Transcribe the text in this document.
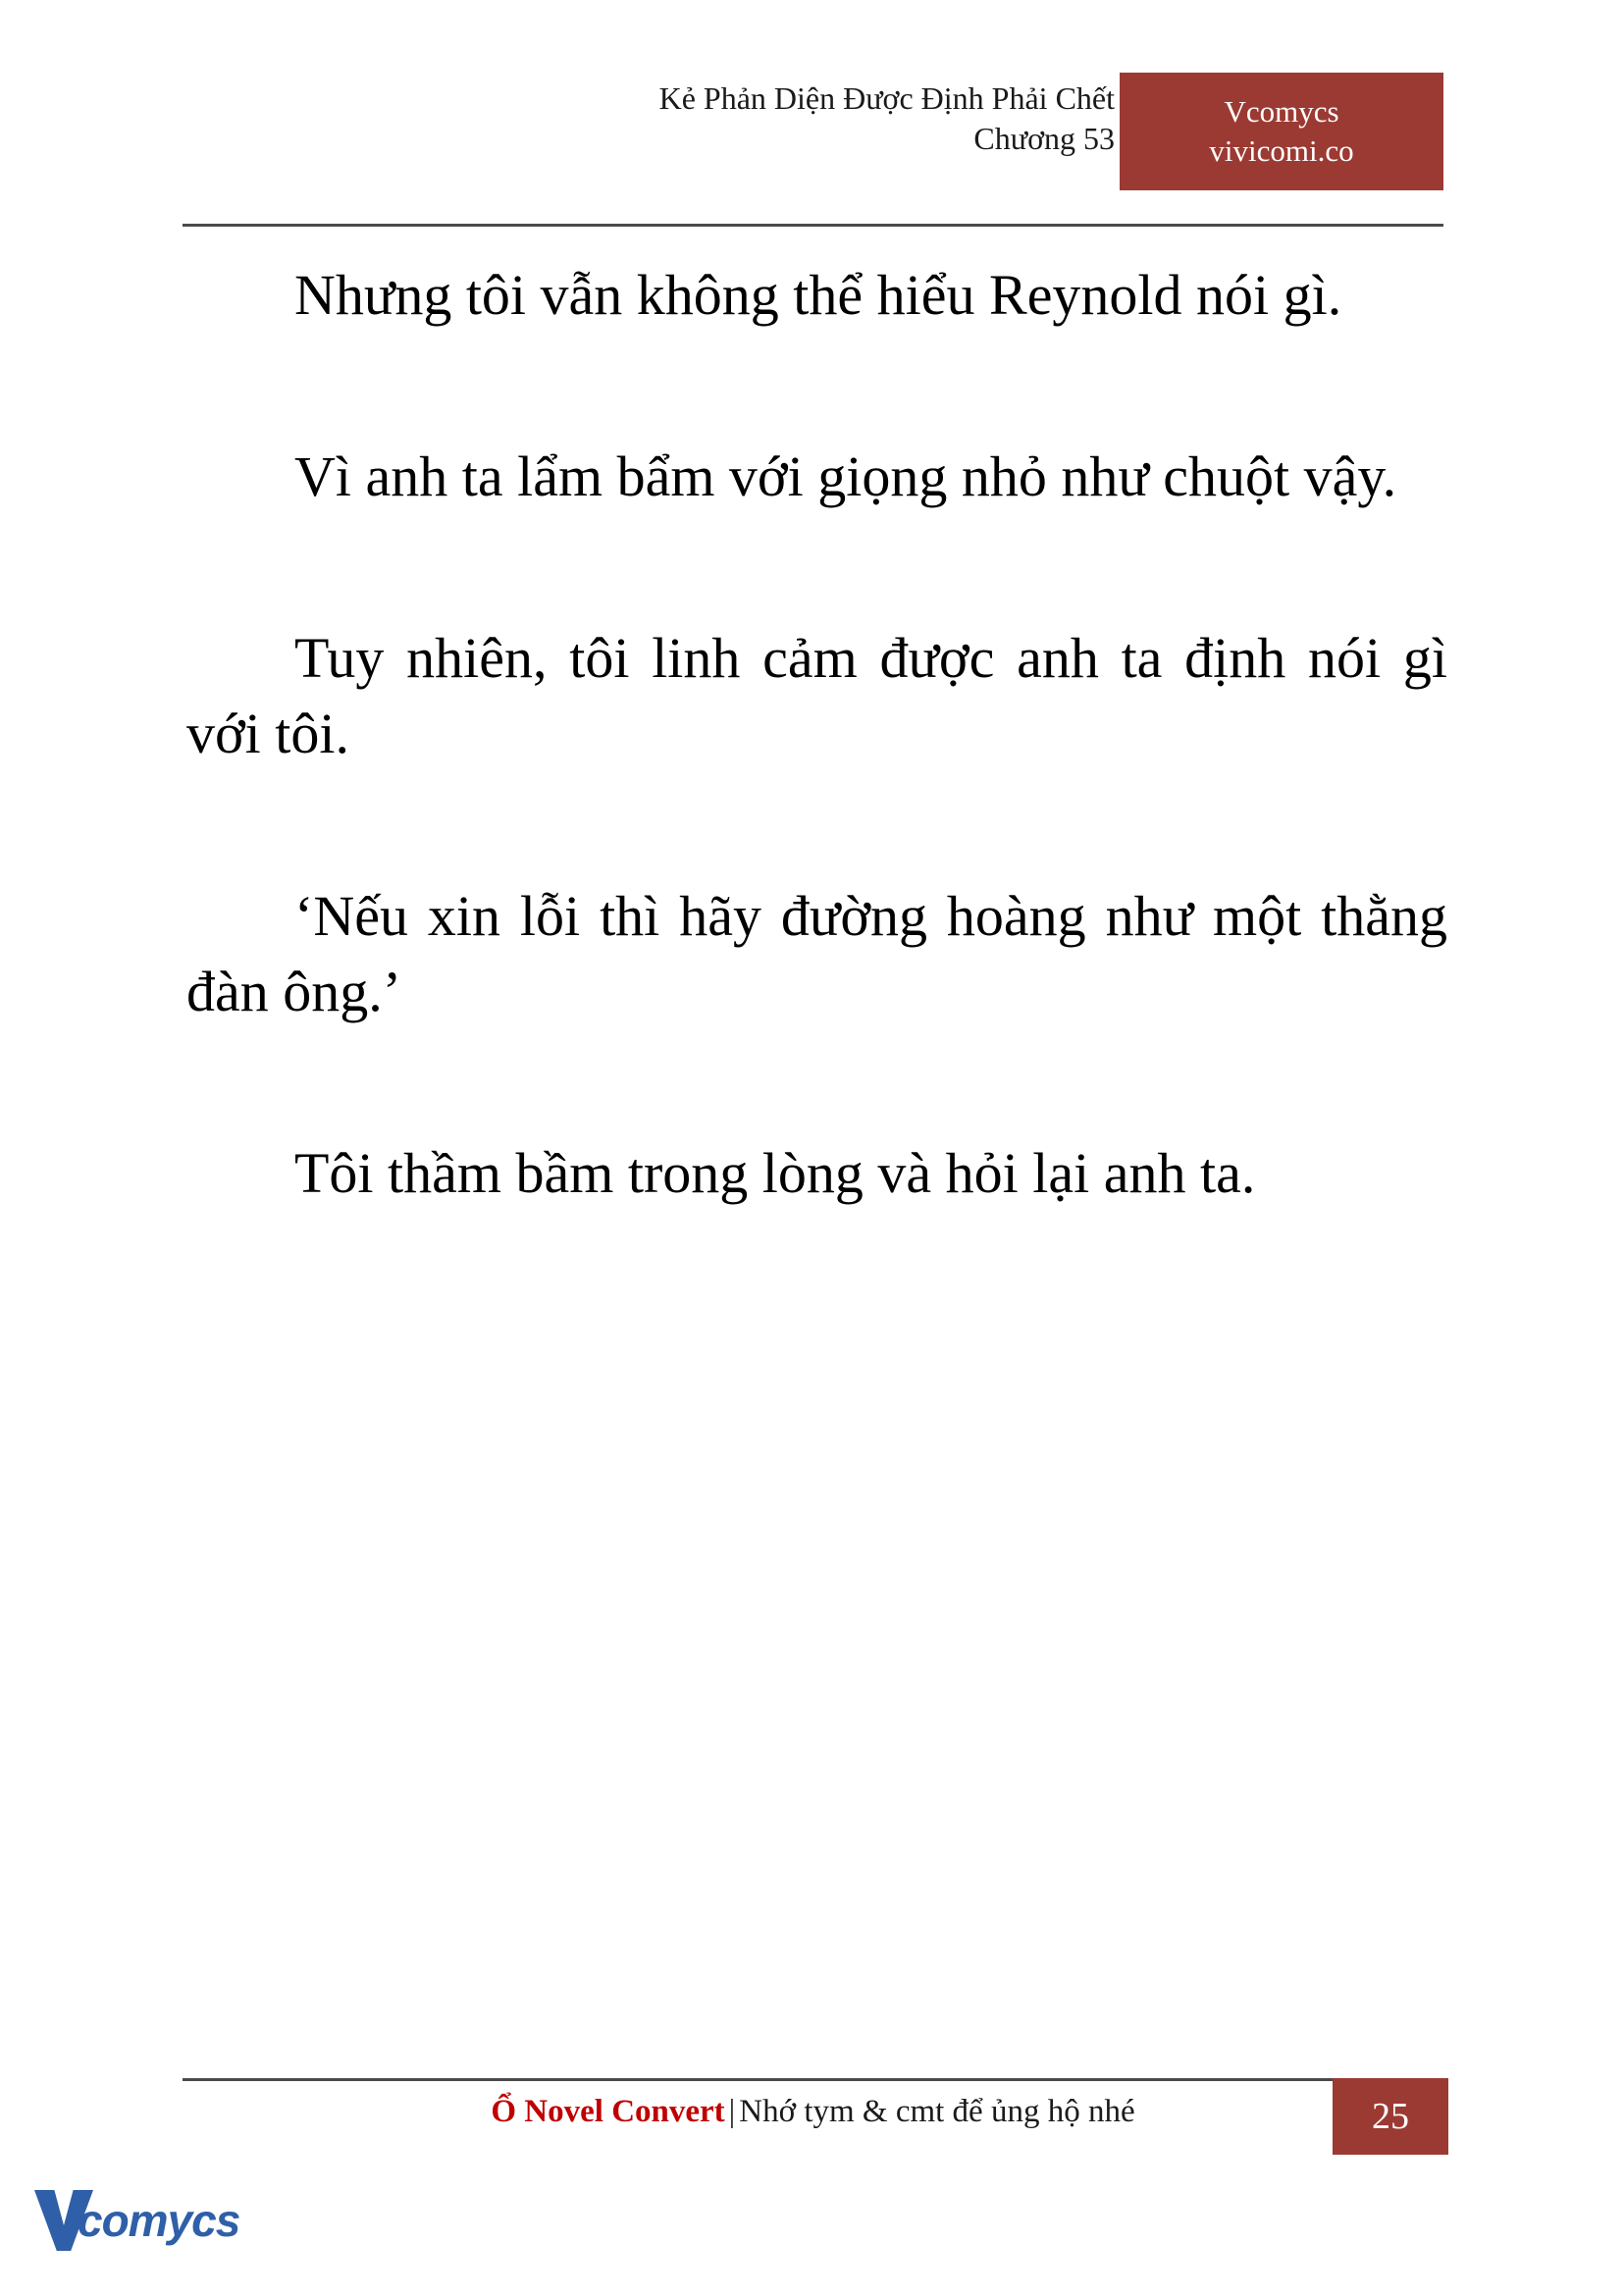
Kẻ Phản Diện Được Định Phải Chết
Chương 53
Vcomycs
vivicomi.co

Nhưng tôi vẫn không thể hiểu Reynold nói gì.

Vì anh ta lẩm bẩm với giọng nhỏ như chuột vậy.

Tuy nhiên, tôi linh cảm được anh ta định nói gì với tôi.

‘Nếu xin lỗi thì hãy đường hoàng như một thằng đàn ông.’

Tôi thầm bầm trong lòng và hỏi lại anh ta.

Ổ Novel Convert | Nhớ tym & cmt để ủng hộ nhé	25
comycs
